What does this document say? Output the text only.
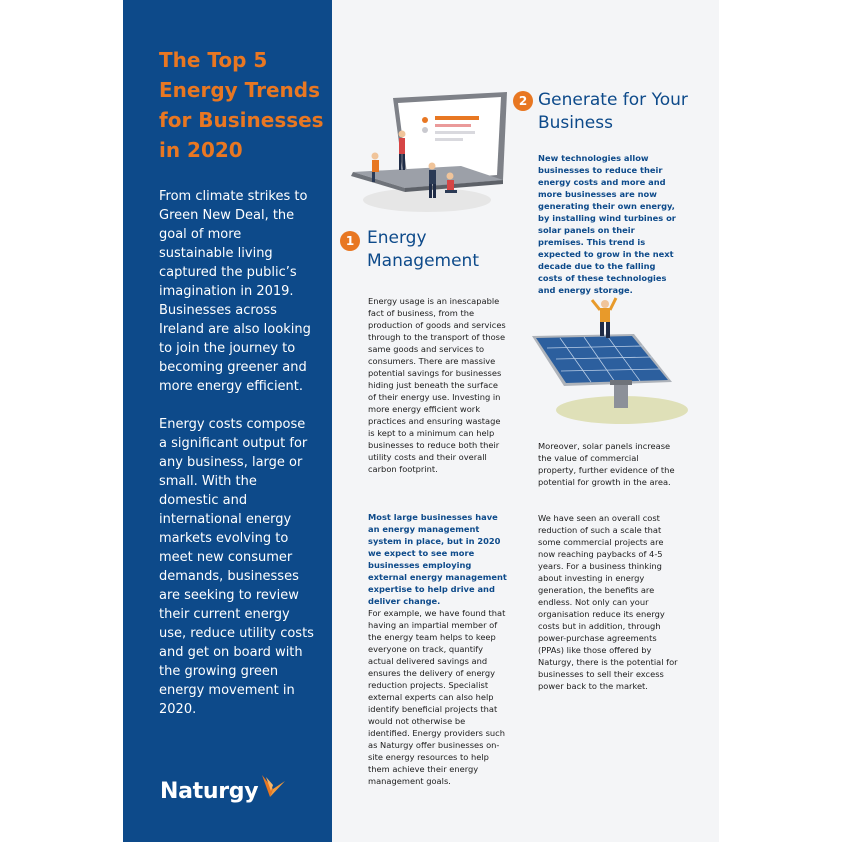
The Top 5 Energy Trends for Businesses in 2020

From climate strikes to Green New Deal, the goal of more sustainable living captured the public’s imagination in 2019. Businesses across Ireland are also looking to join the journey to becoming greener and more energy efficient.

Energy costs compose a significant output for any business, large or small. With the domestic and international energy markets evolving to meet new consumer demands, businesses are seeking to review their current energy use, reduce utility costs and get on board with the growing green energy movement in 2020.

Naturgy
1 Energy Management

Energy usage is an inescapable fact of business, from the production of goods and services through to the transport of those same goods and services to consumers. There are massive potential savings for businesses hiding just beneath the surface of their energy use. Investing in more energy efficient work practices and ensuring wastage is kept to a minimum can help businesses to reduce both their utility costs and their overall carbon footprint.

Most large businesses have an energy management system in place, but in 2020 we expect to see more businesses employing external energy management expertise to help drive and deliver change.

For example, we have found that having an impartial member of the energy team helps to keep everyone on track, quantify actual delivered savings and ensures the delivery of energy reduction projects. Specialist external experts can also help identify beneficial projects that would not otherwise be identified. Energy providers such as Naturgy offer businesses on-site energy resources to help them achieve their energy management goals.

2 Generate for Your Business

New technologies allow businesses to reduce their energy costs and more and more businesses are now generating their own energy, by installing wind turbines or solar panels on their premises. This trend is expected to grow in the next decade due to the falling costs of these technologies and energy storage.

Moreover, solar panels increase the value of commercial property, further evidence of the potential for growth in the area.

We have seen an overall cost reduction of such a scale that some commercial projects are now reaching paybacks of 4-5 years. For a business thinking about investing in energy generation, the benefits are endless. Not only can your organisation reduce its energy costs but in addition, through power-purchase agreements (PPAs) like those offered by Naturgy, there is the potential for businesses to sell their excess power back to the market.
